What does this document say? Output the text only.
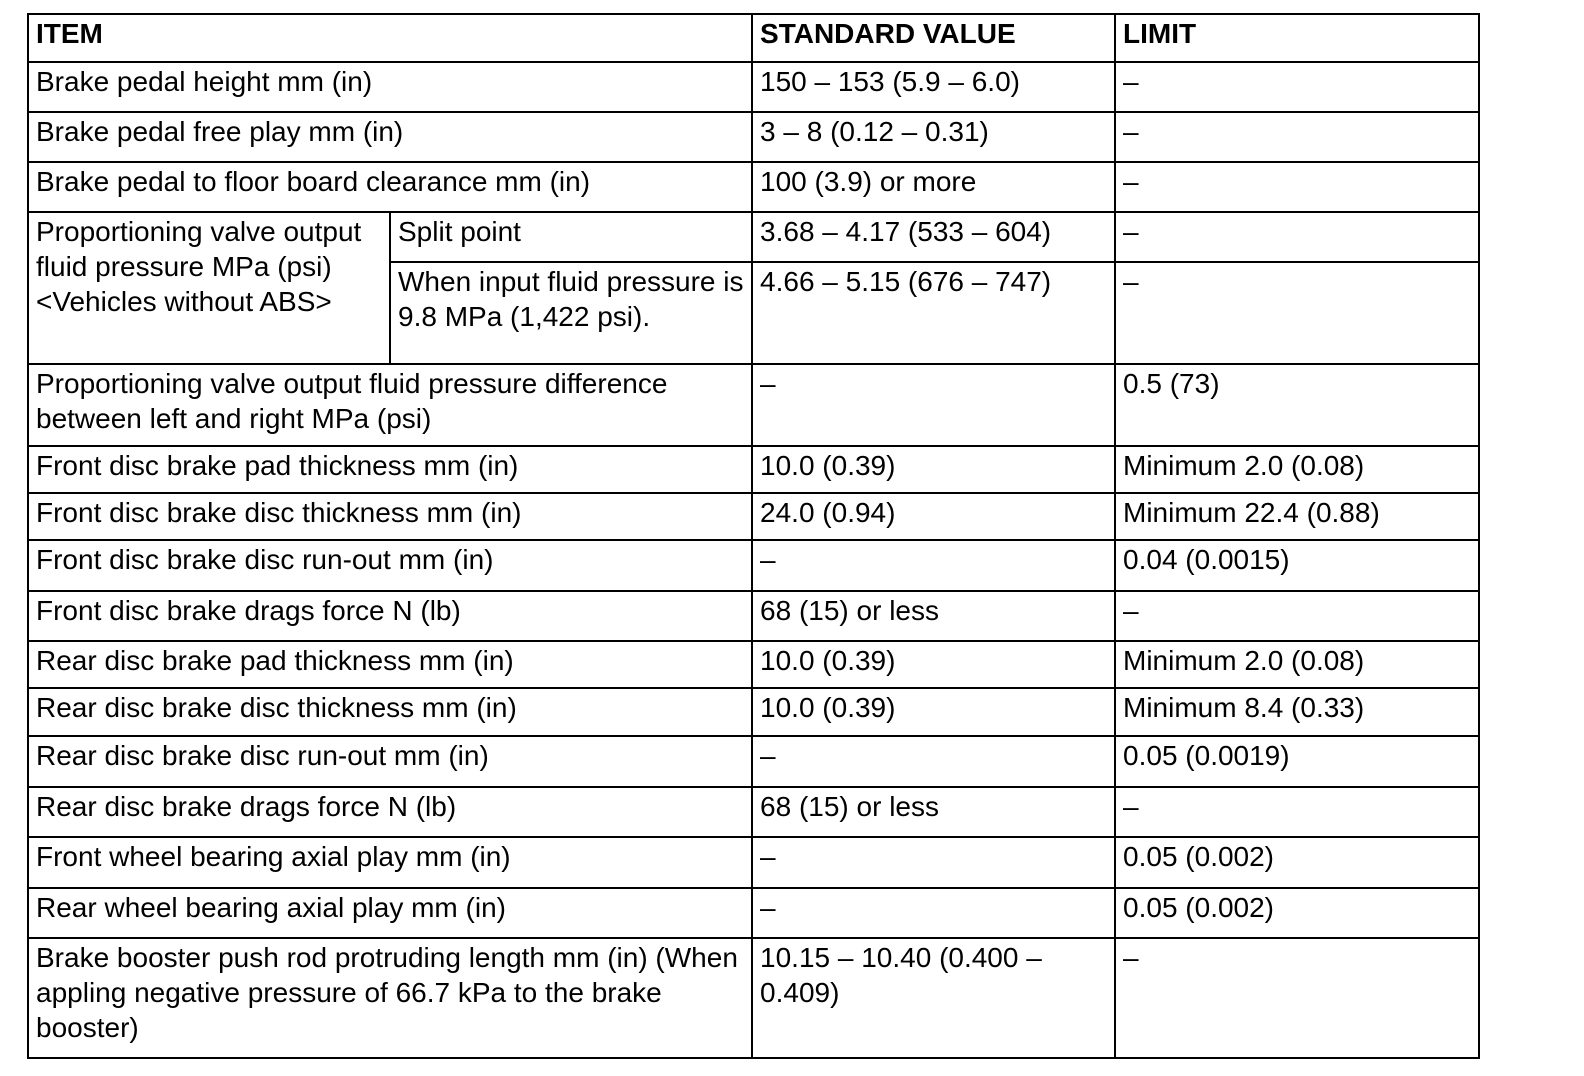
ITEM		STANDARD VALUE	LIMIT
Brake pedal height mm (in)		150 – 153 (5.9 – 6.0)	–
Brake pedal free play mm (in)		3 – 8 (0.12 – 0.31)	–
Brake pedal to floor board clearance mm (in)		100 (3.9) or more	–
Proportioning valve output fluid pressure MPa (psi) <Vehicles without ABS>	Split point	3.68 – 4.17 (533 – 604)	–
	When input fluid pressure is 9.8 MPa (1,422 psi).	4.66 – 5.15 (676 – 747)	–
Proportioning valve output fluid pressure difference between left and right MPa (psi)		–	0.5 (73)
Front disc brake pad thickness mm (in)		10.0 (0.39)	Minimum 2.0 (0.08)
Front disc brake disc thickness mm (in)		24.0 (0.94)	Minimum 22.4 (0.88)
Front disc brake disc run-out mm (in)		–	0.04 (0.0015)
Front disc brake drags force N (lb)		68 (15) or less	–
Rear disc brake pad thickness mm (in)		10.0 (0.39)	Minimum 2.0 (0.08)
Rear disc brake disc thickness mm (in)		10.0 (0.39)	Minimum 8.4 (0.33)
Rear disc brake disc run-out mm (in)		–	0.05 (0.0019)
Rear disc brake drags force N (lb)		68 (15) or less	–
Front wheel bearing axial play mm (in)		–	0.05 (0.002)
Rear wheel bearing axial play mm (in)		–	0.05 (0.002)
Brake booster push rod protruding length mm (in) (When appling negative pressure of 66.7 kPa to the brake booster)		10.15 – 10.40 (0.400 – 0.409)	–
